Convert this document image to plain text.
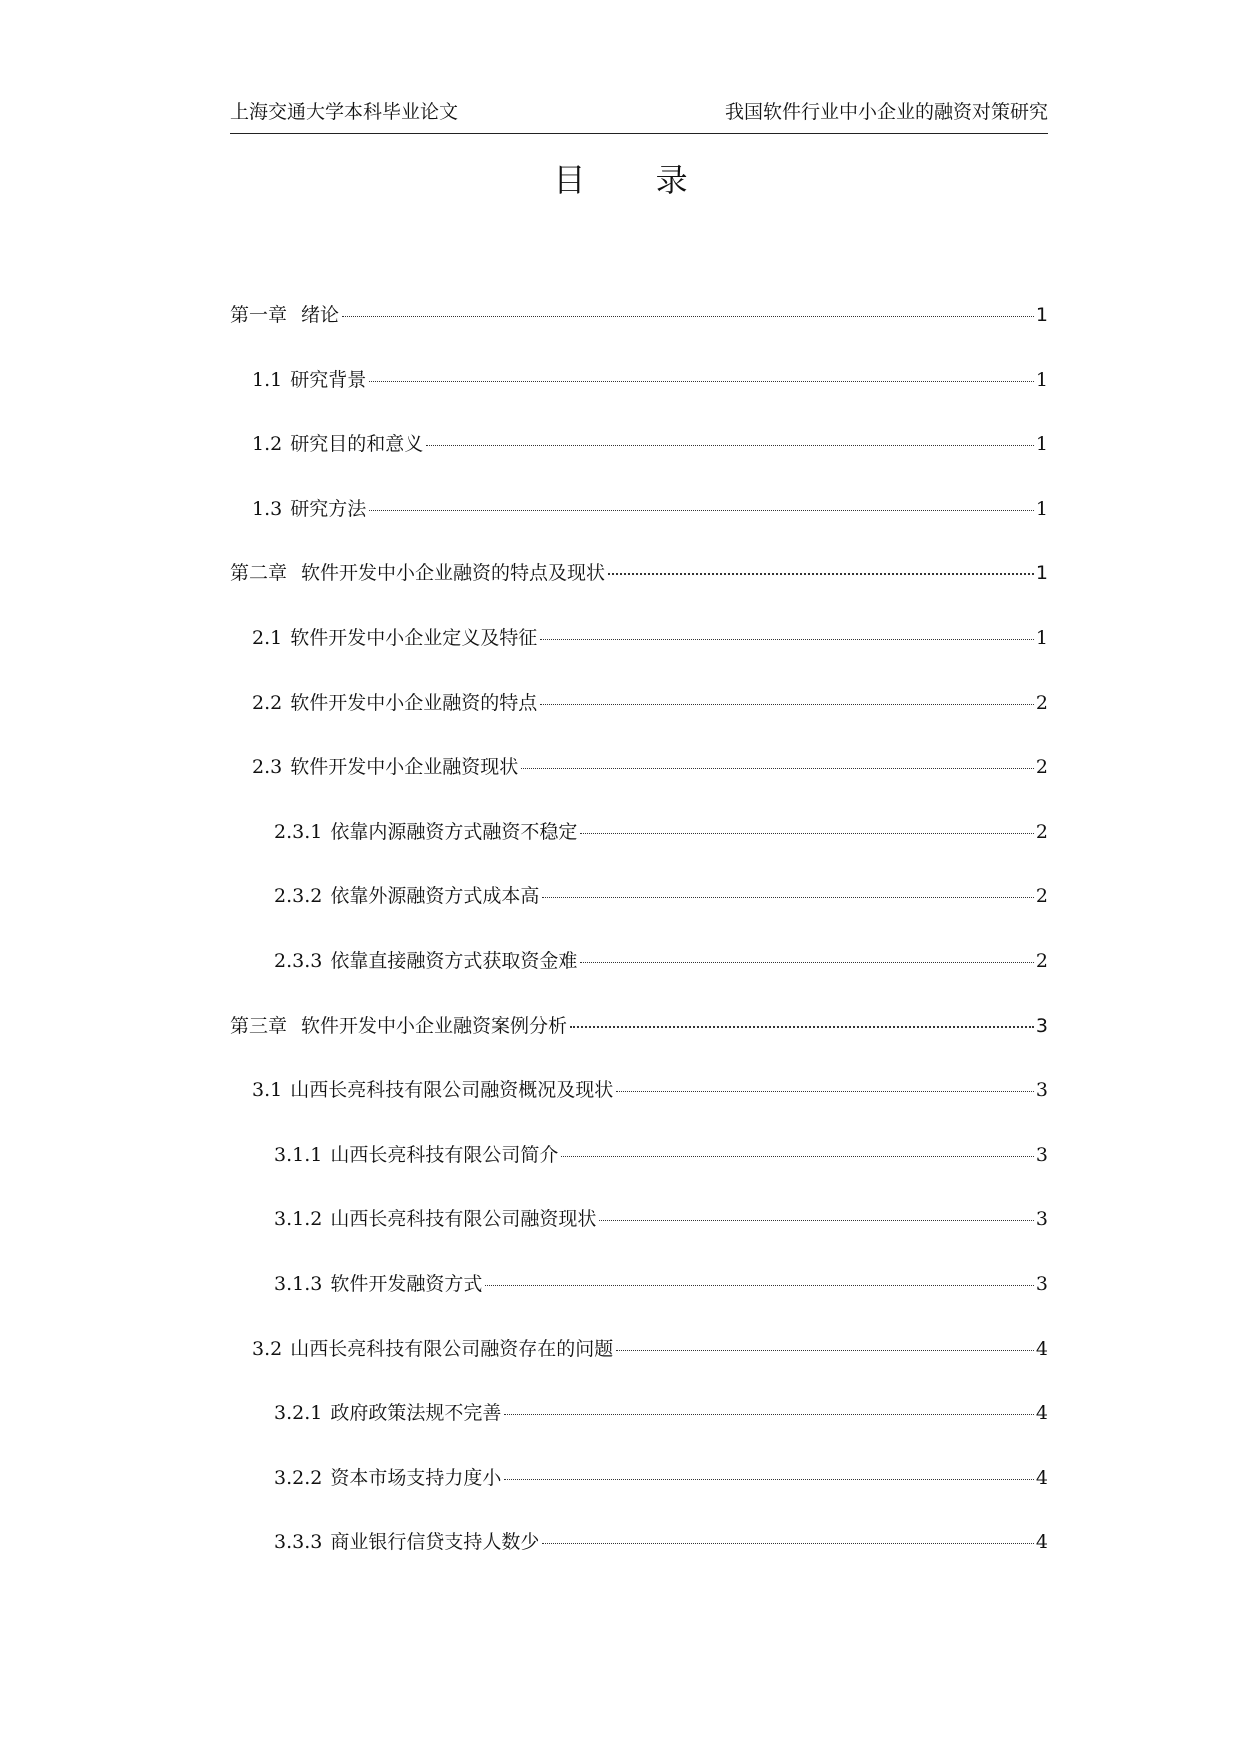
上海交通大学本科毕业论文	我国软件行业中小企业的融资对策研究
目 录
第一章 绪论	1
1.1 研究背景	1
1.2 研究目的和意义	1
1.3 研究方法	1
第二章 软件开发中小企业融资的特点及现状	1
2.1 软件开发中小企业定义及特征	1
2.2 软件开发中小企业融资的特点	2
2.3 软件开发中小企业融资现状	2
2.3.1 依靠内源融资方式融资不稳定	2
2.3.2 依靠外源融资方式成本高	2
2.3.3 依靠直接融资方式获取资金难	2
第三章 软件开发中小企业融资案例分析	3
3.1 山西长亮科技有限公司融资概况及现状	3
3.1.1 山西长亮科技有限公司简介	3
3.1.2 山西长亮科技有限公司融资现状	3
3.1.3 软件开发融资方式	3
3.2 山西长亮科技有限公司融资存在的问题	4
3.2.1 政府政策法规不完善	4
3.2.2 资本市场支持力度小	4
3.3.3 商业银行信贷支持人数少	4
